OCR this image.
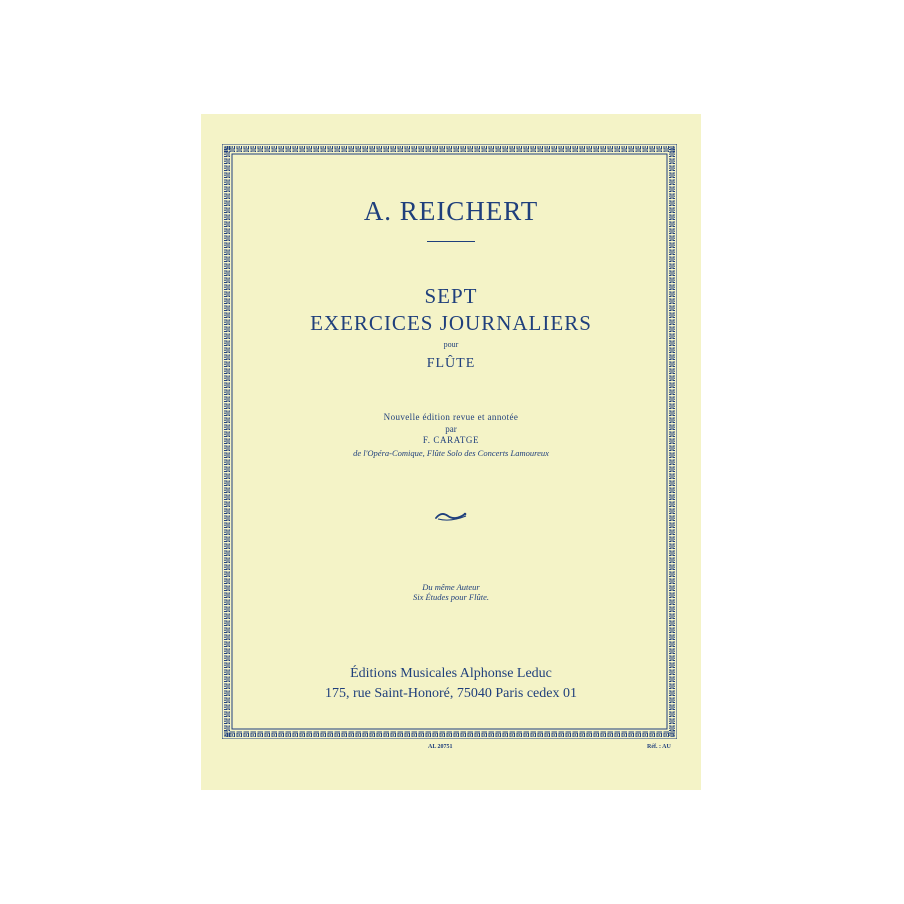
A. REICHERT
SEPT
EXERCICES JOURNALIERS
pour
FLÛTE
Nouvelle édition revue et annotée
par
F. CARATGE
de l'Opéra-Comique, Flûte Solo des Concerts Lamoureux
Du même Auteur
Six Études pour Flûte.
Éditions Musicales Alphonse Leduc
175, rue Saint-Honoré, 75040 Paris cedex 01
AL 20751	Réf. : AU
